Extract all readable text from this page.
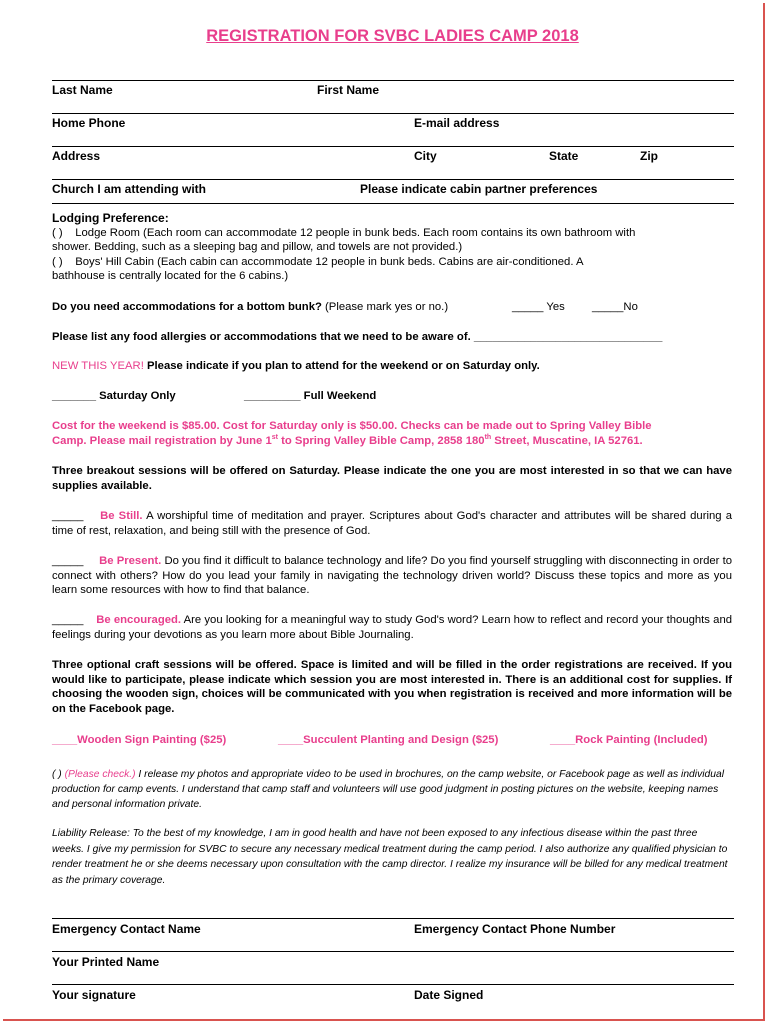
REGISTRATION FOR SVBC LADIES CAMP 2018
Last Name	First Name
Home Phone	E-mail address
Address	City	State	Zip
Church I am attending with	Please indicate cabin partner preferences
Lodging Preference:
( ) Lodge Room (Each room can accommodate 12 people in bunk beds. Each room contains its own bathroom with
shower. Bedding, such as a sleeping bag and pillow, and towels are not provided.)
( ) Boys' Hill Cabin (Each cabin can accommodate 12 people in bunk beds. Cabins are air-conditioned. A
bathhouse is centrally located for the 6 cabins.)
Do you need accommodations for a bottom bunk? (Please mark yes or no.)	_____ Yes _____No
Please list any food allergies or accommodations that we need to be aware of. ______________________________
NEW THIS YEAR! Please indicate if you plan to attend for the weekend or on Saturday only.
_______ Saturday Only	_________ Full Weekend
Cost for the weekend is $85.00. Cost for Saturday only is $50.00. Checks can be made out to Spring Valley Bible
Camp. Please mail registration by June 1st to Spring Valley Bible Camp, 2858 180th Street, Muscatine, IA 52761.
Three breakout sessions will be offered on Saturday. Please indicate the one you are most interested in so that we can have supplies available.
_____ Be Still. A worshipful time of meditation and prayer. Scriptures about God's character and attributes will be shared during a time of rest, relaxation, and being still with the presence of God.
_____ Be Present. Do you find it difficult to balance technology and life? Do you find yourself struggling with disconnecting in order to connect with others? How do you lead your family in navigating the technology driven world? Discuss these topics and more as you learn some resources with how to find that balance.
_____ Be encouraged. Are you looking for a meaningful way to study God's word? Learn how to reflect and record your thoughts and feelings during your devotions as you learn more about Bible Journaling.
Three optional craft sessions will be offered. Space is limited and will be filled in the order registrations are received. If you would like to participate, please indicate which session you are most interested in. There is an additional cost for supplies. If choosing the wooden sign, choices will be communicated with you when registration is received and more information will be on the Facebook page.
____Wooden Sign Painting ($25)	____Succulent Planting and Design ($25)	____Rock Painting (Included)
( ) (Please check.) I release my photos and appropriate video to be used in brochures, on the camp website, or Facebook page as well as individual production for camp events. I understand that camp staff and volunteers will use good judgment in posting pictures on the website, keeping names and personal information private.
Liability Release: To the best of my knowledge, I am in good health and have not been exposed to any infectious disease within the past three weeks. I give my permission for SVBC to secure any necessary medical treatment during the camp period. I also authorize any qualified physician to render treatment he or she deems necessary upon consultation with the camp director. I realize my insurance will be billed for any medical treatment as the primary coverage.
Emergency Contact Name	Emergency Contact Phone Number
Your Printed Name
Your signature	Date Signed
